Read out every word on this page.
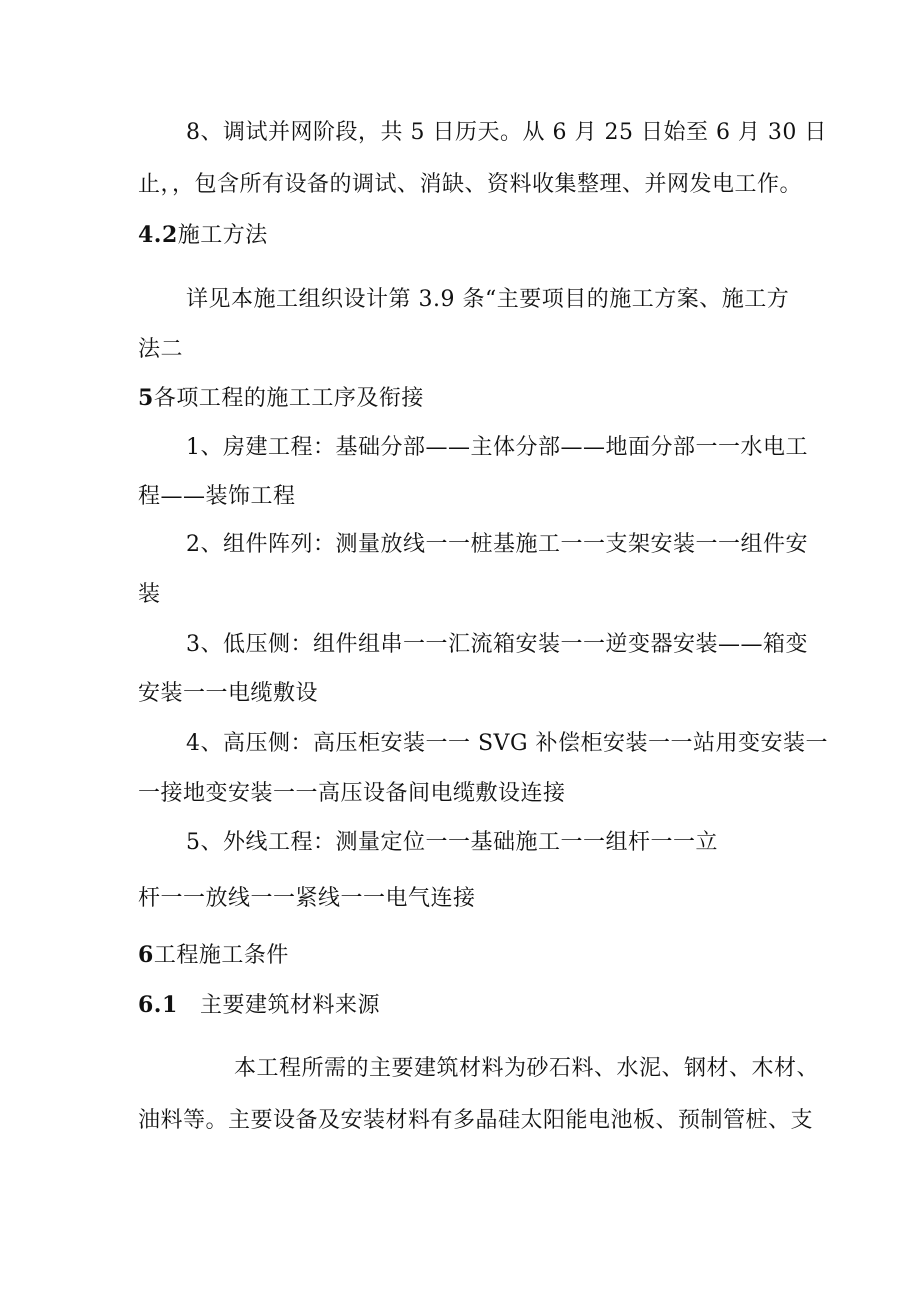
8、调试并网阶段，共 5 日历天。从 6 月 25 日始至 6 月 30 日
止，，包含所有设备的调试、消缺、资料收集整理、并网发电工作。
4.2施工方法
详见本施工组织设计第 3.9 条“主要项目的施工方案、施工方
法二
5各项工程的施工工序及衔接
1、房建工程：基础分部——主体分部——地面分部一一水电工
程——装饰工程
2、组件阵列：测量放线一一桩基施工一一支架安装一一组件安
装
3、低压侧：组件组串一一汇流箱安装一一逆变器安装——箱变
安装一一电缆敷设
4、高压侧：高压柜安装一一 SVG 补偿柜安装一一站用变安装一
一接地变安装一一高压设备间电缆敷设连接
5、外线工程：测量定位一一基础施工一一组杆一一立
杆一一放线一一紧线一一电气连接
6工程施工条件
6.1 主要建筑材料来源
本工程所需的主要建筑材料为砂石料、水泥、钢材、木材、
油料等。主要设备及安装材料有多晶硅太阳能电池板、预制管桩、支
